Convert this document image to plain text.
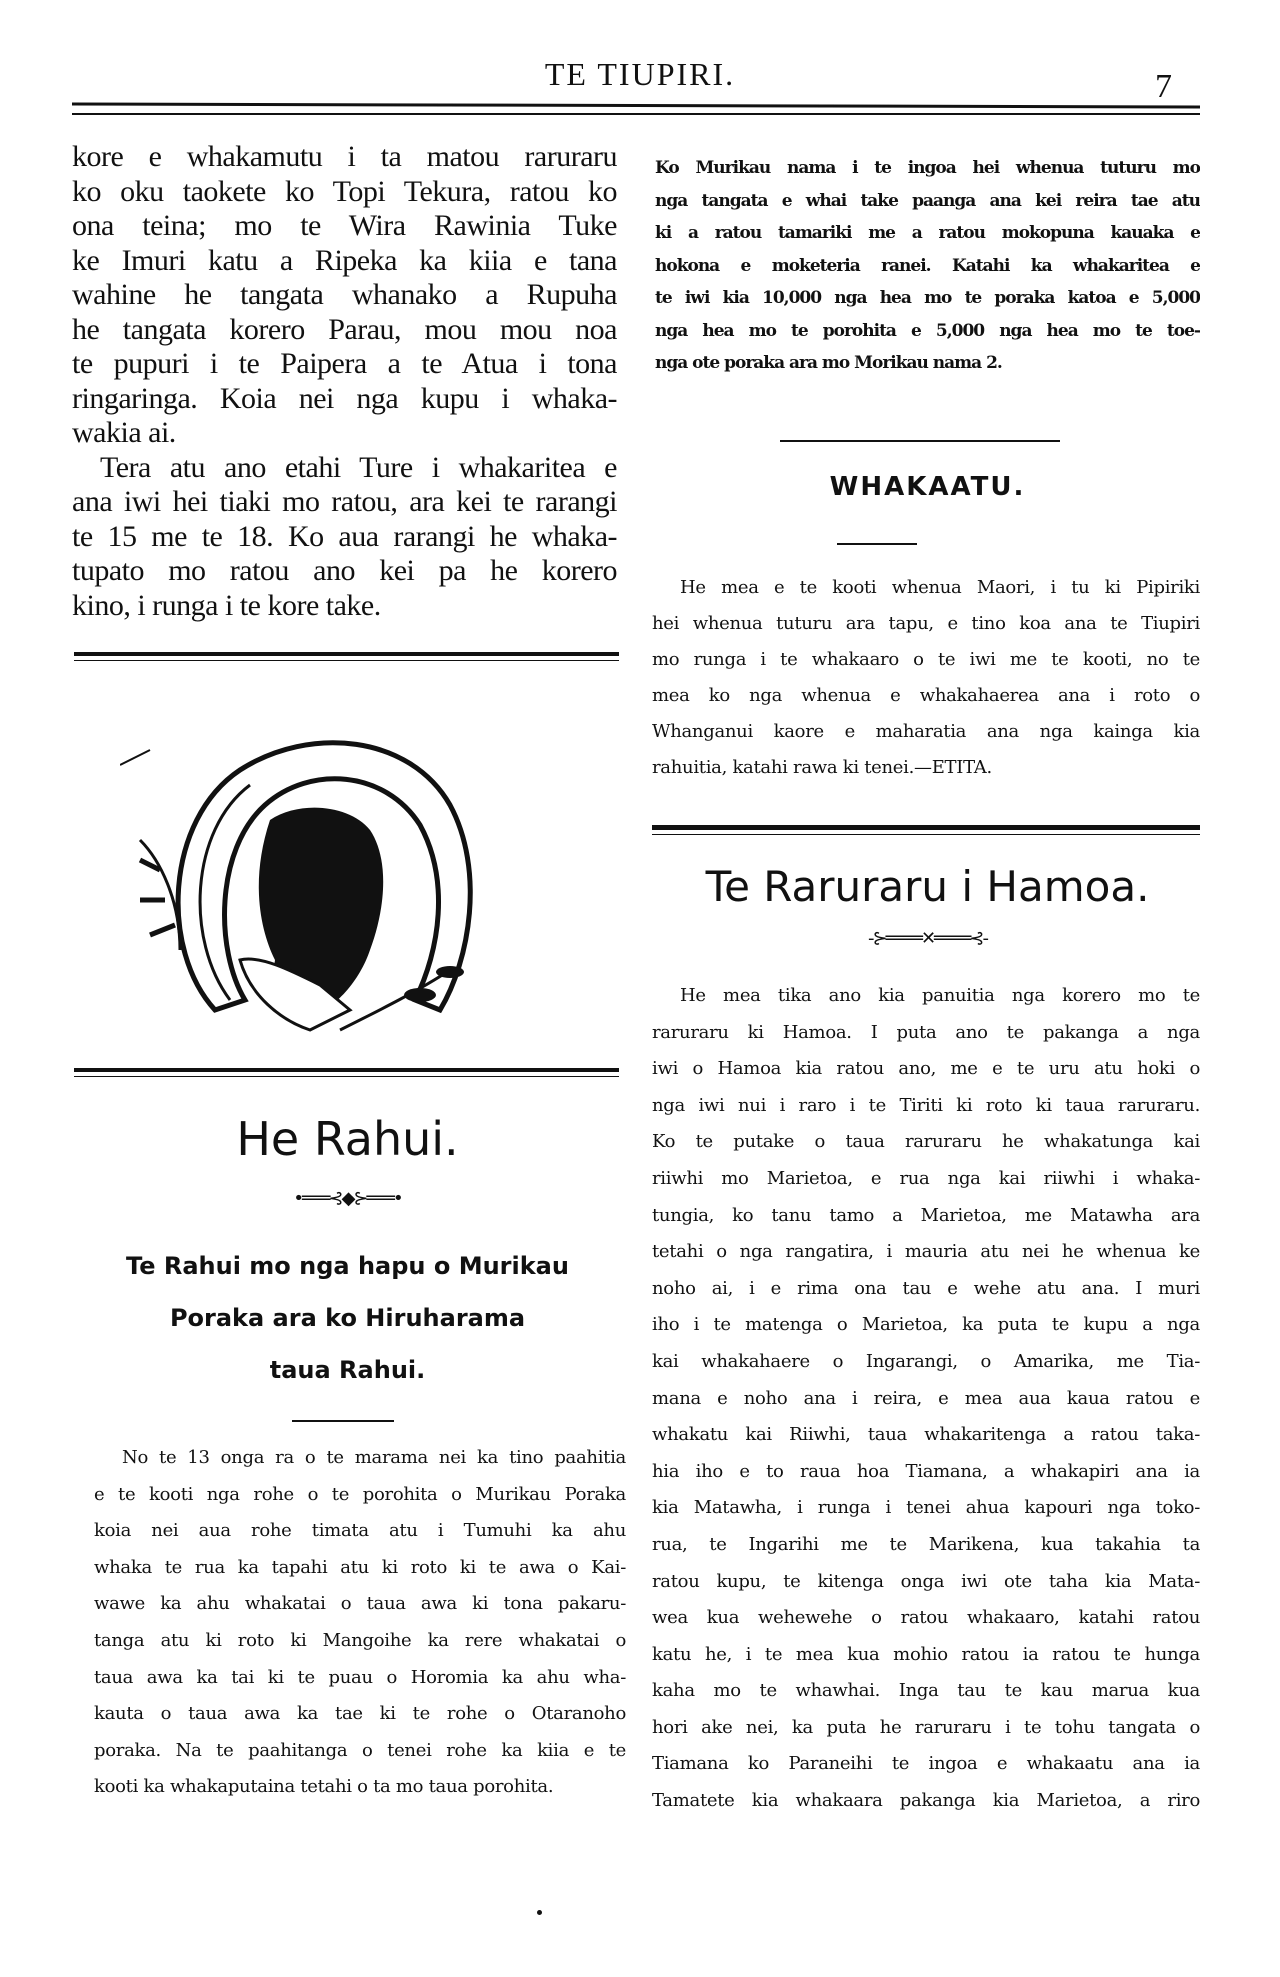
TE TIUPIRI.	7
kore e whakamutu i ta matou raruraru
ko oku taokete ko Topi Tekura, ratou ko
ona teina; mo te Wira Rawinia Tuke
ke Imuri katu a Ripeka ka kiia e tana
wahine he tangata whanako a Rupuha
he tangata korero Parau, mou mou noa
te pupuri i te Paipera a te Atua i tona
ringaringa. Koia nei nga kupu i whaka-
wakia ai.
Tera atu ano etahi Ture i whakaritea e
ana iwi hei tiaki mo ratou, ara kei te rarangi
te 15 me te 18. Ko aua rarangi he whaka-
tupato mo ratou ano kei pa he korero
kino, i runga i te kore take.
He Rahui.
•═══⊰◆⊱═══•
Te Rahui mo nga hapu o Murikau
Poraka ara ko Hiruharama
taua Rahui.
No te 13 onga ra o te marama nei ka tino paahitia
e te kooti nga rohe o te porohita o Murikau Poraka
koia nei aua rohe timata atu i Tumuhi ka ahu
whaka te rua ka tapahi atu ki roto ki te awa o Kai-
wawe ka ahu whakatai o taua awa ki tona pakaru-
tanga atu ki roto ki Mangoihe ka rere whakatai o
taua awa ka tai ki te puau o Horomia ka ahu wha-
kauta o taua awa ka tae ki te rohe o Otaranoho
poraka. Na te paahitanga o tenei rohe ka kiia e te
kooti ka whakaputaina tetahi o ta mo taua porohita.
Ko Murikau nama i te ingoa hei whenua tuturu mo
nga tangata e whai take paanga ana kei reira tae atu
ki a ratou tamariki me a ratou mokopuna kauaka e
hokona e moketeria ranei. Katahi ka whakaritea e
te iwi kia 10,000 nga hea mo te poraka katoa e 5,000
nga hea mo te porohita e 5,000 nga hea mo te toe-
nga ote poraka ara mo Morikau nama 2.
WHAKAATU.
He mea e te kooti whenua Maori, i tu ki Pipiriki
hei whenua tuturu ara tapu, e tino koa ana te Tiupiri
mo runga i te whakaaro o te iwi me te kooti, no te
mea ko nga whenua e whakahaerea ana i roto o
Whanganui kaore e maharatia ana nga kainga kia
rahuitia, katahi rawa ki tenei.—ETITA.
Te Raruraru i Hamoa.
-⊱════✕════⊰-
He mea tika ano kia panuitia nga korero mo te
raruraru ki Hamoa. I puta ano te pakanga a nga
iwi o Hamoa kia ratou ano, me e te uru atu hoki o
nga iwi nui i raro i te Tiriti ki roto ki taua raruraru.
Ko te putake o taua raruraru he whakatunga kai
riiwhi mo Marietoa, e rua nga kai riiwhi i whaka-
tungia, ko tanu tamo a Marietoa, me Matawha ara
tetahi o nga rangatira, i mauria atu nei he whenua ke
noho ai, i e rima ona tau e wehe atu ana. I muri
iho i te matenga o Marietoa, ka puta te kupu a nga
kai whakahaere o Ingarangi, o Amarika, me Tia-
mana e noho ana i reira, e mea aua kaua ratou e
whakatu kai Riiwhi, taua whakaritenga a ratou taka-
hia iho e to raua hoa Tiamana, a whakapiri ana ia
kia Matawha, i runga i tenei ahua kapouri nga toko-
rua, te Ingarihi me te Marikena, kua takahia ta
ratou kupu, te kitenga onga iwi ote taha kia Mata-
wea kua wehewehe o ratou whakaaro, katahi ratou
katu he, i te mea kua mohio ratou ia ratou te hunga
kaha mo te whawhai. Inga tau te kau marua kua
hori ake nei, ka puta he raruraru i te tohu tangata o
Tiamana ko Paraneihi te ingoa e whakaatu ana ia
Tamatete kia whakaara pakanga kia Marietoa, a riro
